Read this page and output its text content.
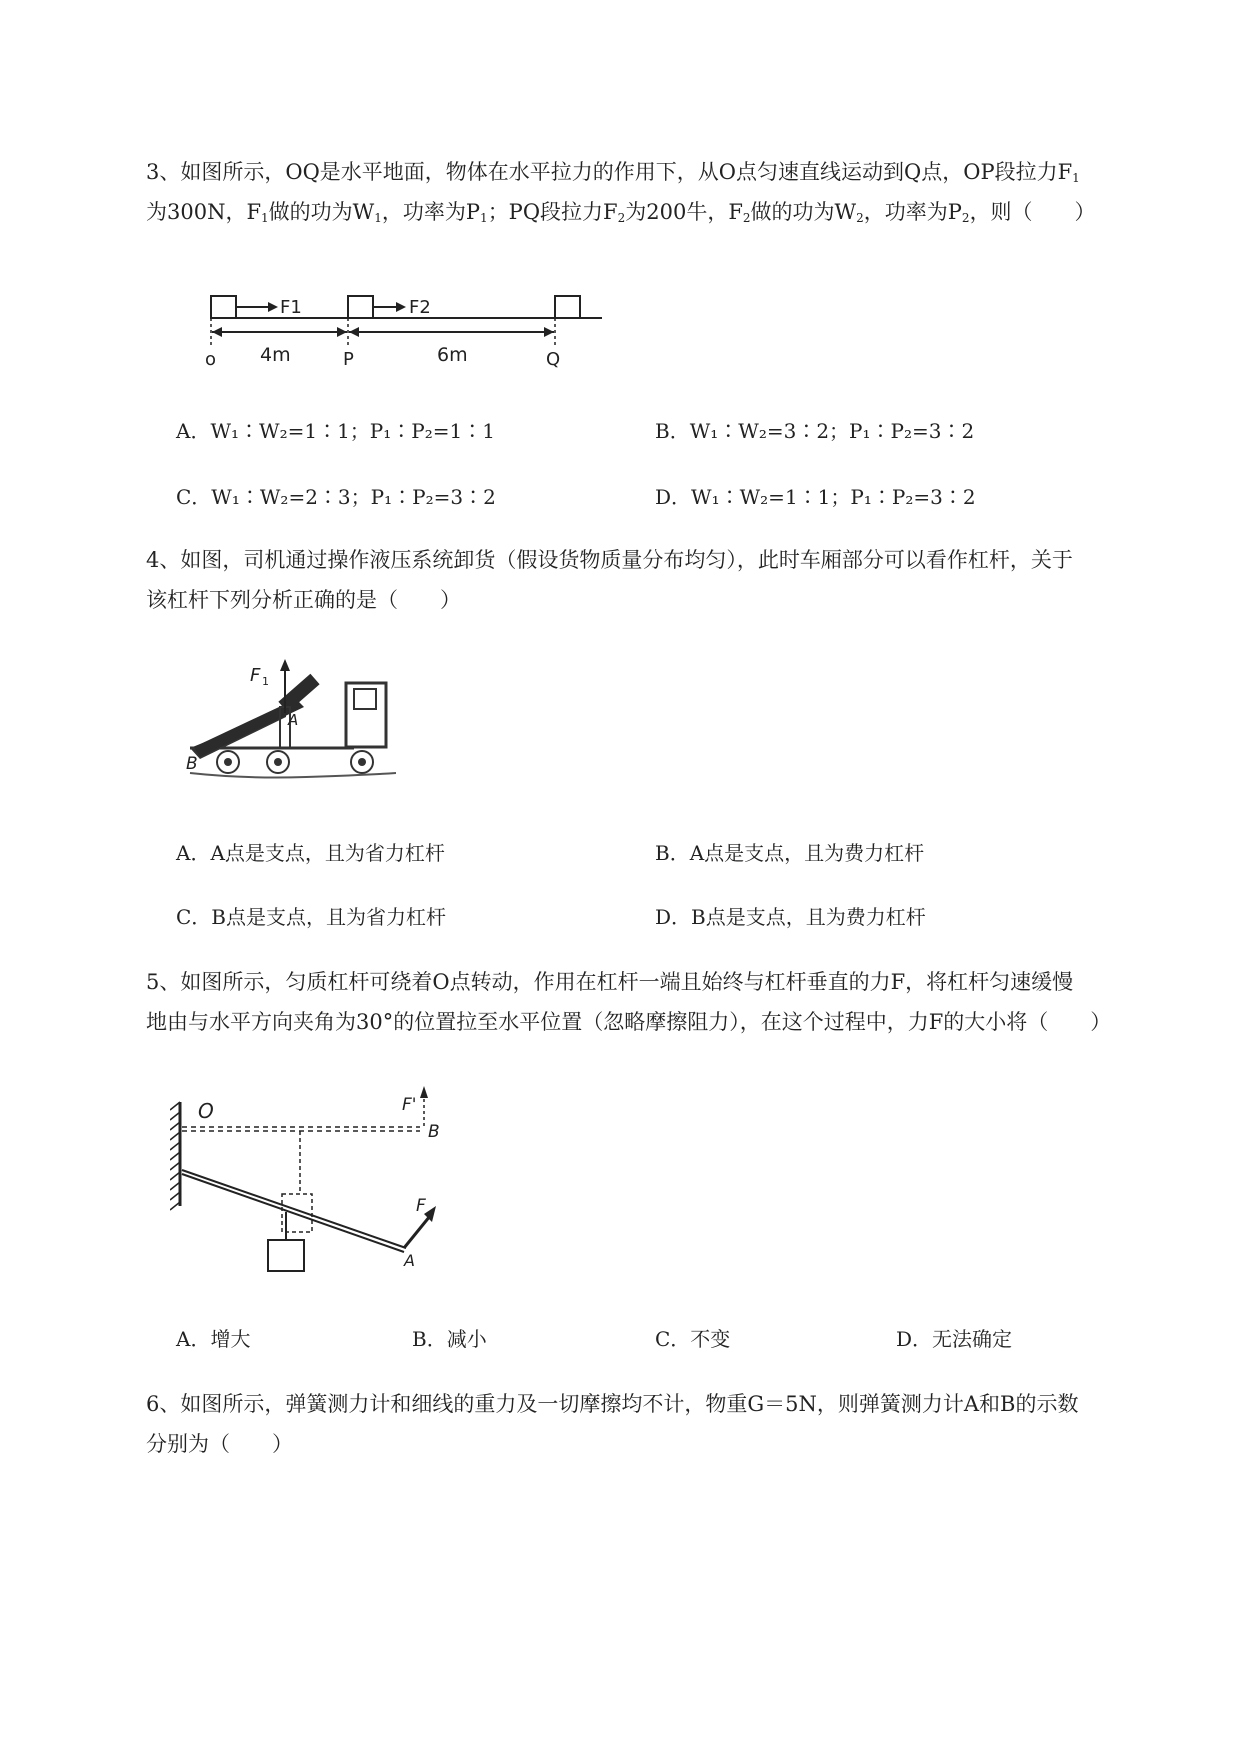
3、如图所示，OQ是水平地面，物体在水平拉力的作用下，从O点匀速直线运动到Q点，OP段拉力$F_1$
为300N，$F_1$做的功为$W_1$，功率为$P_1$；PQ段拉力$F_2$为200牛，$F_2$做的功为$W_2$，功率为$P_2$，则（　　）
F1	F2
4m	6m
o	P	Q
A．W₁∶W₂=1∶1；P₁∶P₂=1∶1	B．W₁∶W₂=3∶2；P₁∶P₂=3∶2
C．W₁∶W₂=2∶3；P₁∶P₂=3∶2	D．W₁∶W₂=1∶1；P₁∶P₂=3∶2
4、如图，司机通过操作液压系统卸货（假设货物质量分布均匀），此时车厢部分可以看作杠杆，关于
该杠杆下列分析正确的是（　　）
F 1
A
B
A．A点是支点，且为省力杠杆	B．A点是支点，且为费力杠杆
C．B点是支点，且为省力杠杆	D．B点是支点，且为费力杠杆
5、如图所示，匀质杠杆可绕着O点转动，作用在杠杆一端且始终与杠杆垂直的力F，将杠杆匀速缓慢
地由与水平方向夹角为30°的位置拉至水平位置（忽略摩擦阻力），在这个过程中，力F的大小将（　　）
O	F'
B
F
A
A．增大	B．减小	C．不变	D．无法确定
6、如图所示，弹簧测力计和细线的重力及一切摩擦均不计，物重G＝5N，则弹簧测力计A和B的示数
分别为（　　）
